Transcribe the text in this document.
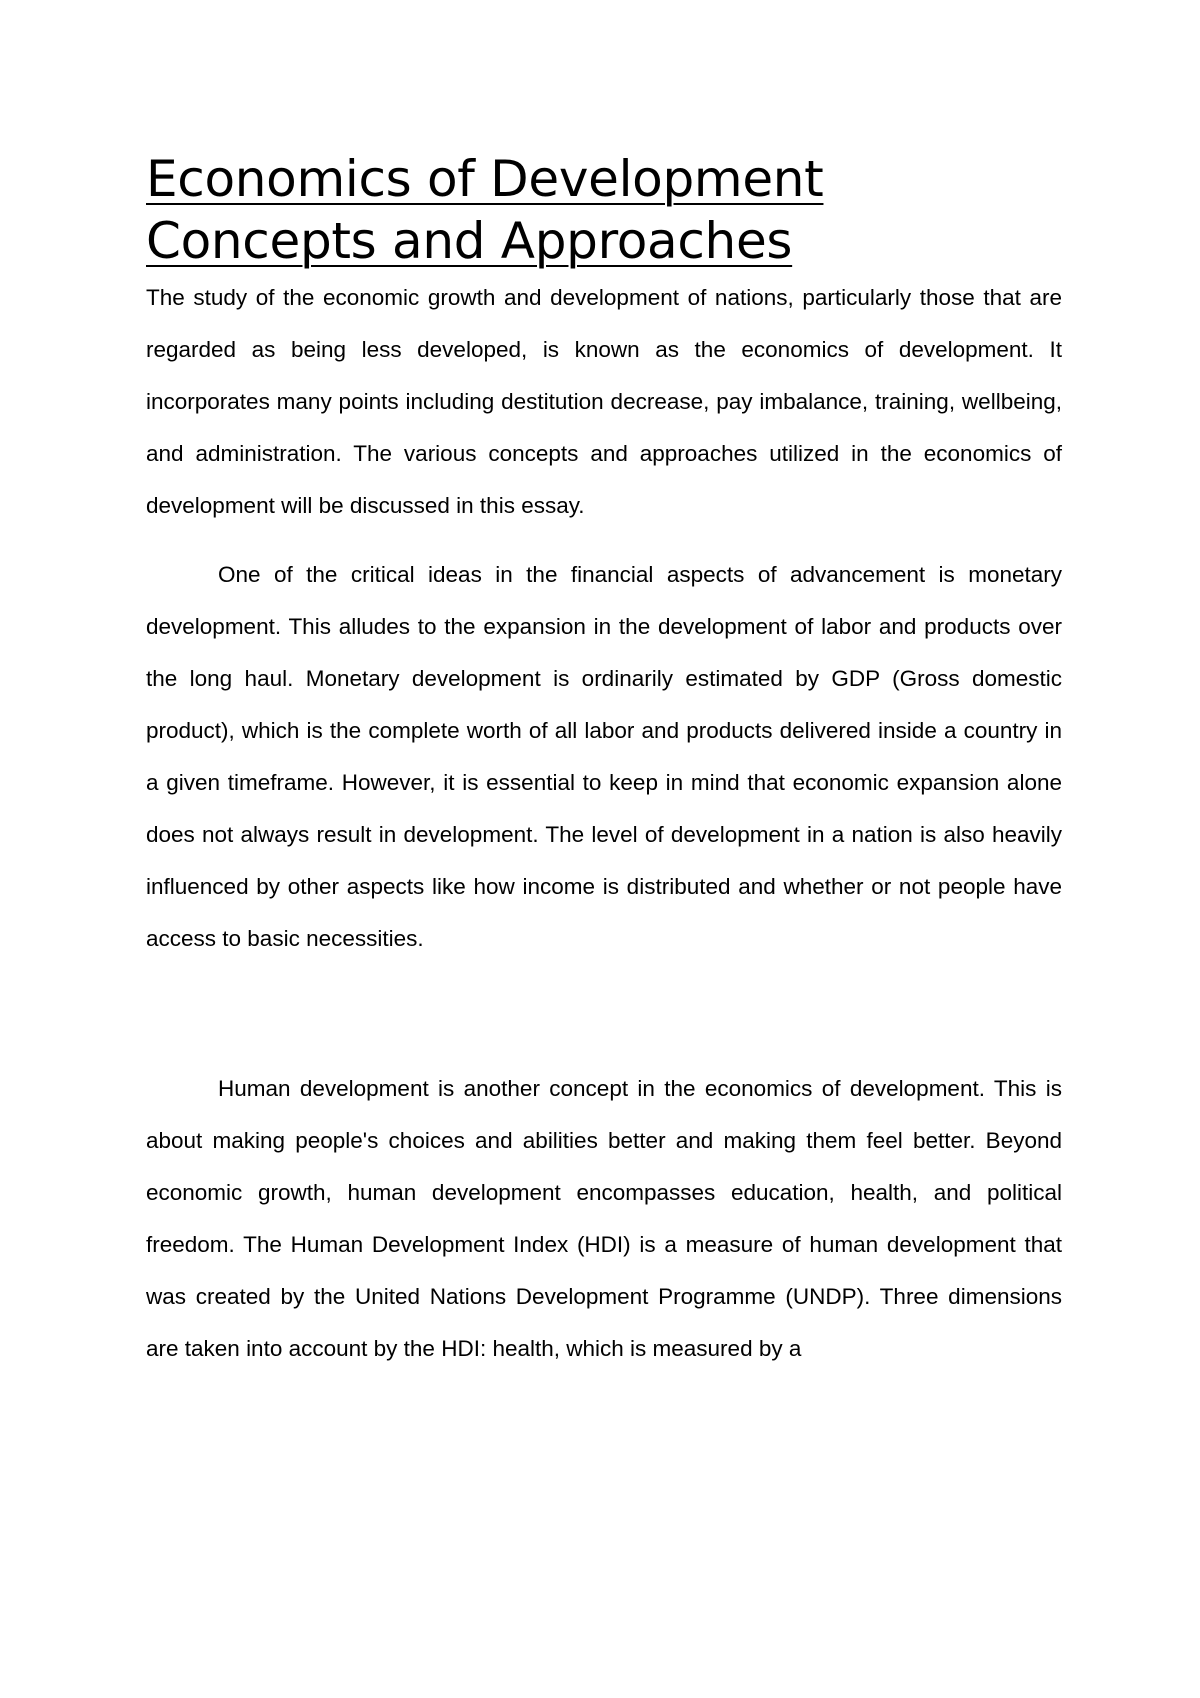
Economics of Development
Concepts and Approaches

The study of the economic growth and development of nations, particularly those that are regarded as being less developed, is known as the economics of development. It incorporates many points including destitution decrease, pay imbalance, training, wellbeing, and administration. The various concepts and approaches utilized in the economics of development will be discussed in this essay.

One of the critical ideas in the financial aspects of advancement is monetary development. This alludes to the expansion in the development of labor and products over the long haul. Monetary development is ordinarily estimated by GDP (Gross domestic product), which is the complete worth of all labor and products delivered inside a country in a given timeframe. However, it is essential to keep in mind that economic expansion alone does not always result in development. The level of development in a nation is also heavily influenced by other aspects like how income is distributed and whether or not people have access to basic necessities.

Human development is another concept in the economics of development. This is about making people's choices and abilities better and making them feel better. Beyond economic growth, human development encompasses education, health, and political freedom. The Human Development Index (HDI) is a measure of human development that was created by the United Nations Development Programme (UNDP). Three dimensions are taken into account by the HDI: health, which is measured by a
